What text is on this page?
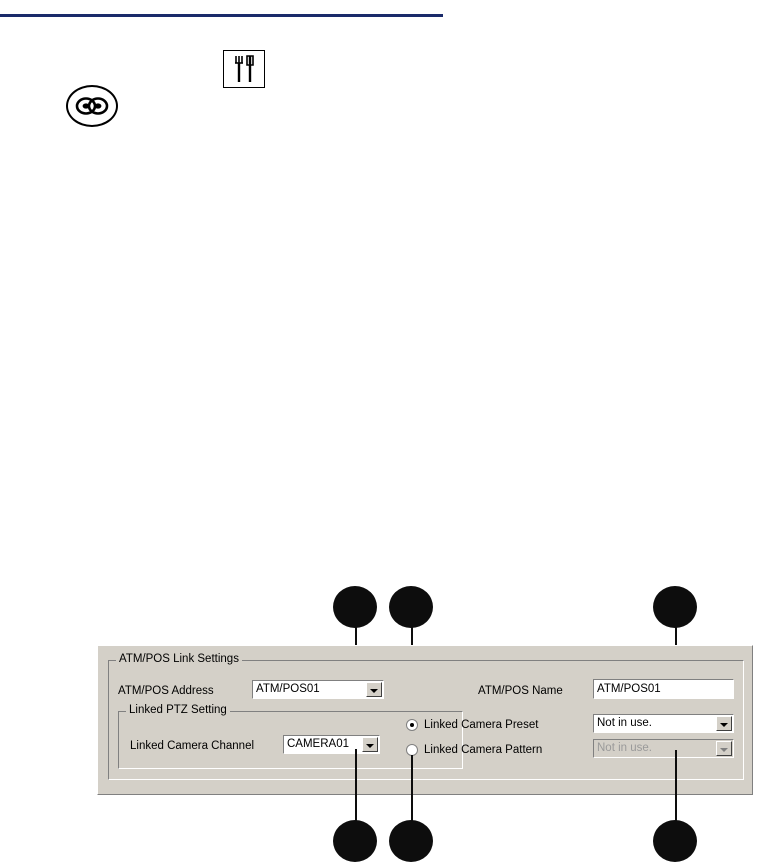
ATM/POS Link Settings
ATM/POS Address	ATM/POS01	ATM/POS Name	ATM/POS01
Linked PTZ Setting
Linked Camera Channel	CAMERA01
Linked Camera Preset	Not in use.
Linked Camera Pattern	Not in use.
